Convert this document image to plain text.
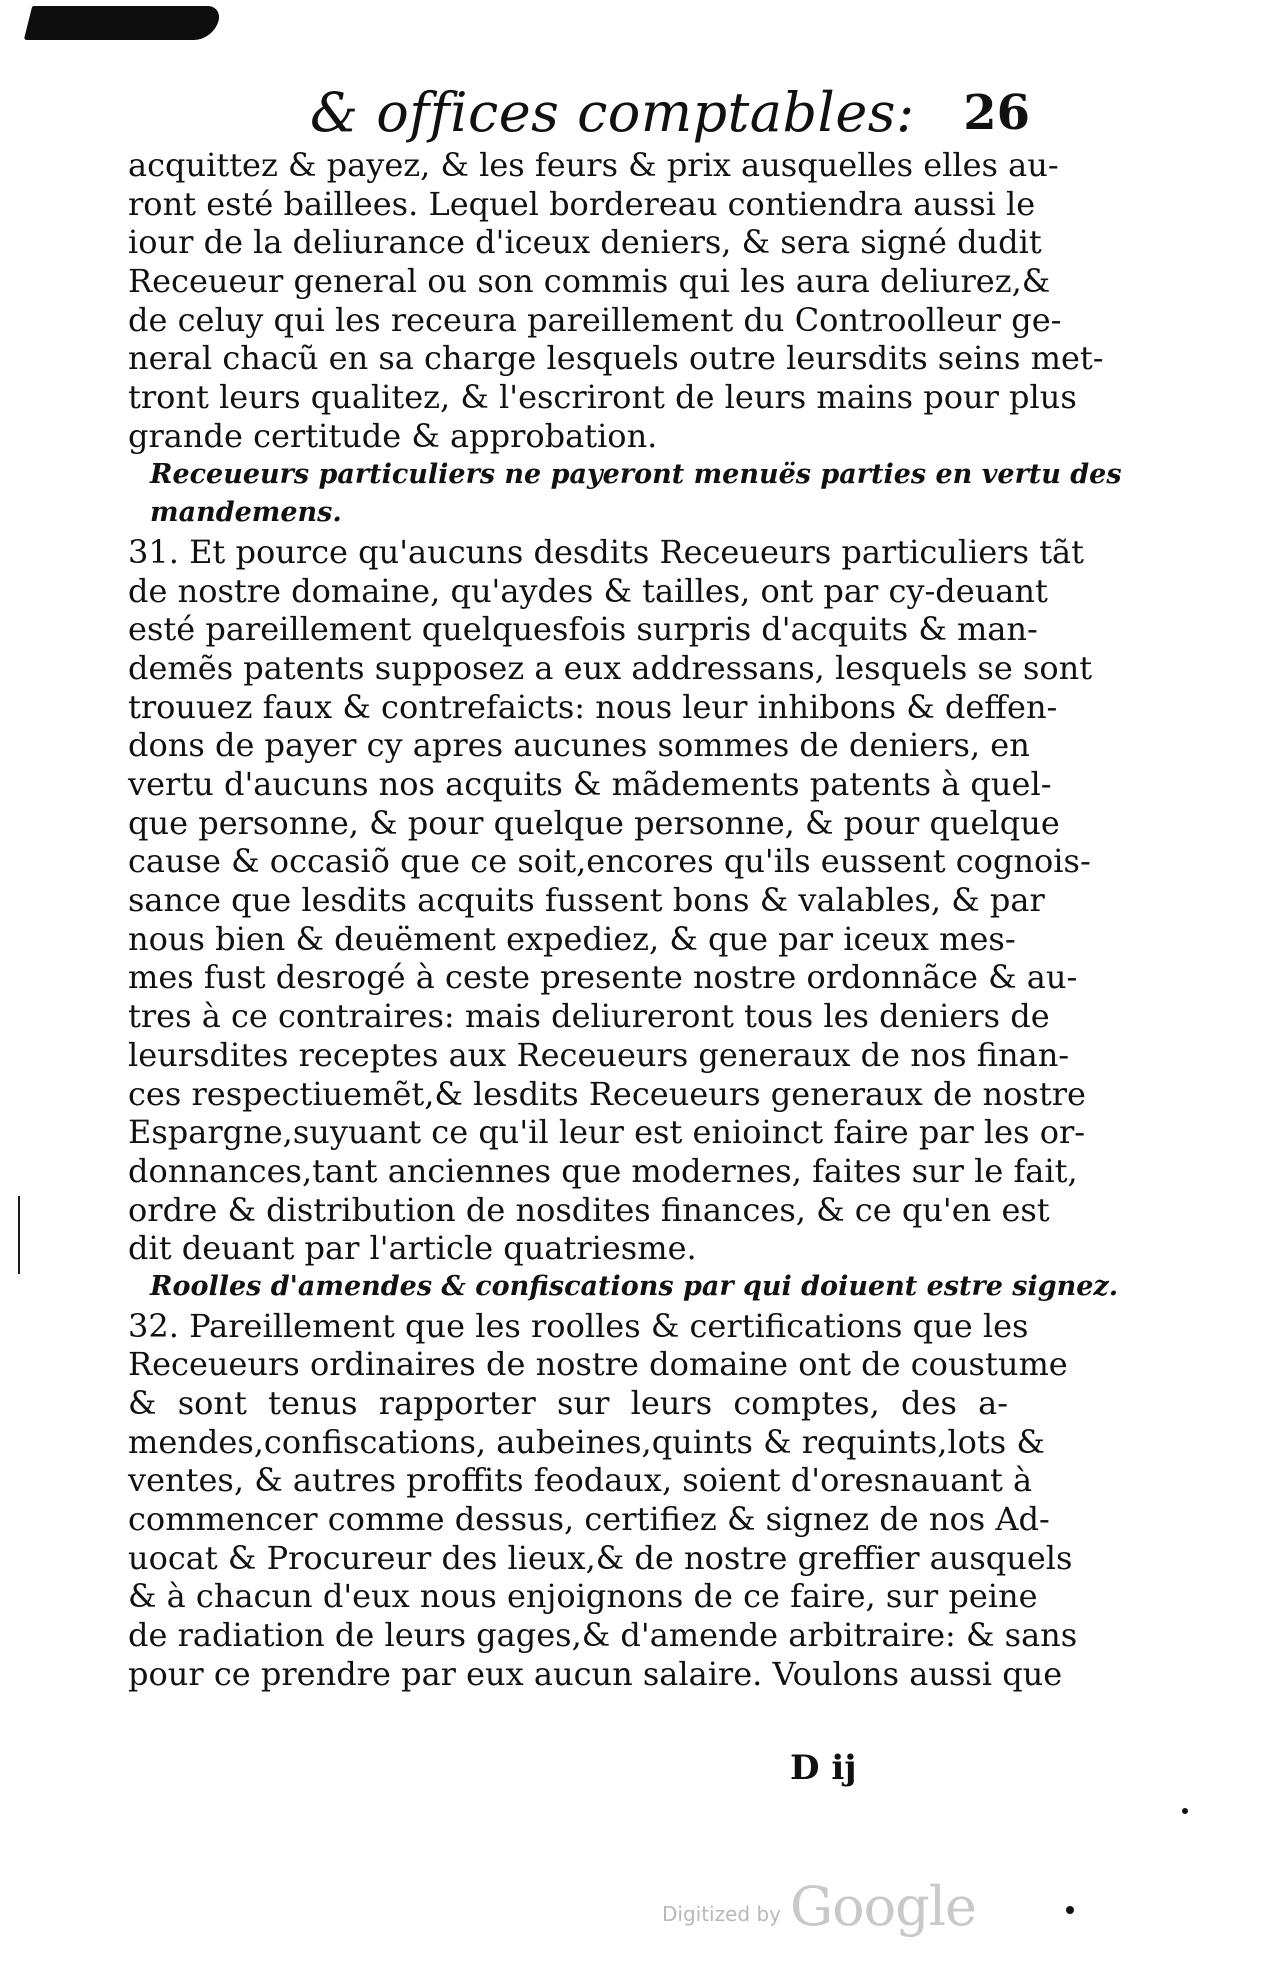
& offices comptables: 26
acquittez & payez, & les feurs & prix ausquelles elles au-
ront esté baillees. Lequel bordereau contiendra aussi le
iour de la deliurance d'iceux deniers, & sera signé dudit
Receueur general ou son commis qui les aura deliurez,&
de celuy qui les receura pareillement du Controolleur ge-
neral chacũ en sa charge lesquels outre leursdits seins met-
tront leurs qualitez, & l'escriront de leurs mains pour plus
grande certitude & approbation.
Receueurs particuliers ne payeront menuës parties en vertu des
mandemens.
31. Et pource qu'aucuns desdits Receueurs particuliers tãt
de nostre domaine, qu'aydes & tailles, ont par cy-deuant
esté pareillement quelquesfois surpris d'acquits & man-
demẽs patents supposez a eux addressans, lesquels se sont
trouuez faux & contrefaicts: nous leur inhibons & deffen-
dons de payer cy apres aucunes sommes de deniers, en
vertu d'aucuns nos acquits & mãdements patents à quel-
que personne, & pour quelque personne, & pour quelque
cause & occasiõ que ce soit,encores qu'ils eussent cognois-
sance que lesdits acquits fussent bons & valables, & par
nous bien & deuëment expediez, & que par iceux mes-
mes fust desrogé à ceste presente nostre ordonnãce & au-
tres à ce contraires: mais deliureront tous les deniers de
leursdites receptes aux Receueurs generaux de nos finan-
ces respectiuemẽt,& lesdits Receueurs generaux de nostre
Espargne,suyuant ce qu'il leur est enioinct faire par les or-
donnances,tant anciennes que modernes, faites sur le fait,
ordre & distribution de nosdites finances, & ce qu'en est
dit deuant par l'article quatriesme.
Roolles d'amendes & confiscations par qui doiuent estre signez.
32. Pareillement que les roolles & certifications que les
Receueurs ordinaires de nostre domaine ont de coustume
& sont tenus rapporter sur leurs comptes, des a-
mendes,confiscations, aubeines,quints & requints,lots &
ventes, & autres proffits feodaux, soient d'oresnauant à
commencer comme dessus, certifiez & signez de nos Ad-
uocat & Procureur des lieux,& de nostre greffier ausquels
& à chacun d'eux nous enjoignons de ce faire, sur peine
de radiation de leurs gages,& d'amende arbitraire: & sans
pour ce prendre par eux aucun salaire. Voulons aussi que
D ij
Digitized by Google
